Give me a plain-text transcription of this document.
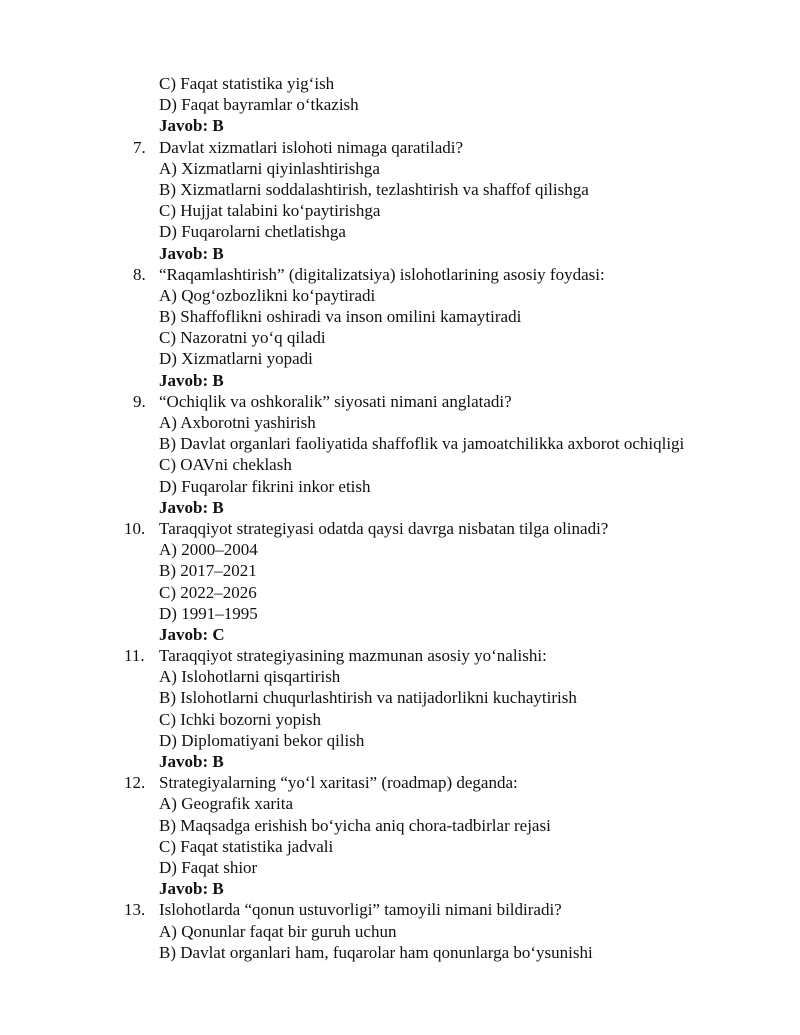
C) Faqat statistika yig‘ish
D) Faqat bayramlar o‘tkazish
Javob: B
7. Davlat xizmatlari islohoti nimaga qaratiladi?
A) Xizmatlarni qiyinlashtirishga
B) Xizmatlarni soddalashtirish, tezlashtirish va shaffof qilishga
C) Hujjat talabini ko‘paytirishga
D) Fuqarolarni chetlatishga
Javob: B
8. “Raqamlashtirish” (digitalizatsiya) islohotlarining asosiy foydasi:
A) Qog‘ozbozlikni ko‘paytiradi
B) Shaffoflikni oshiradi va inson omilini kamaytiradi
C) Nazoratni yo‘q qiladi
D) Xizmatlarni yopadi
Javob: B
9. “Ochiqlik va oshkoralik” siyosati nimani anglatadi?
A) Axborotni yashirish
B) Davlat organlari faoliyatida shaffoflik va jamoatchilikka axborot ochiqligi
C) OAVni cheklash
D) Fuqarolar fikrini inkor etish
Javob: B
10. Taraqqiyot strategiyasi odatda qaysi davrga nisbatan tilga olinadi?
A) 2000–2004
B) 2017–2021
C) 2022–2026
D) 1991–1995
Javob: C
11. Taraqqiyot strategiyasining mazmunan asosiy yo‘nalishi:
A) Islohotlarni qisqartirish
B) Islohotlarni chuqurlashtirish va natijadorlikni kuchaytirish
C) Ichki bozorni yopish
D) Diplomatiyani bekor qilish
Javob: B
12. Strategiyalarning “yo‘l xaritasi” (roadmap) deganda:
A) Geografik xarita
B) Maqsadga erishish bo‘yicha aniq chora-tadbirlar rejasi
C) Faqat statistika jadvali
D) Faqat shior
Javob: B
13. Islohotlarda “qonun ustuvorligi” tamoyili nimani bildiradi?
A) Qonunlar faqat bir guruh uchun
B) Davlat organlari ham, fuqarolar ham qonunlarga bo‘ysunishi
